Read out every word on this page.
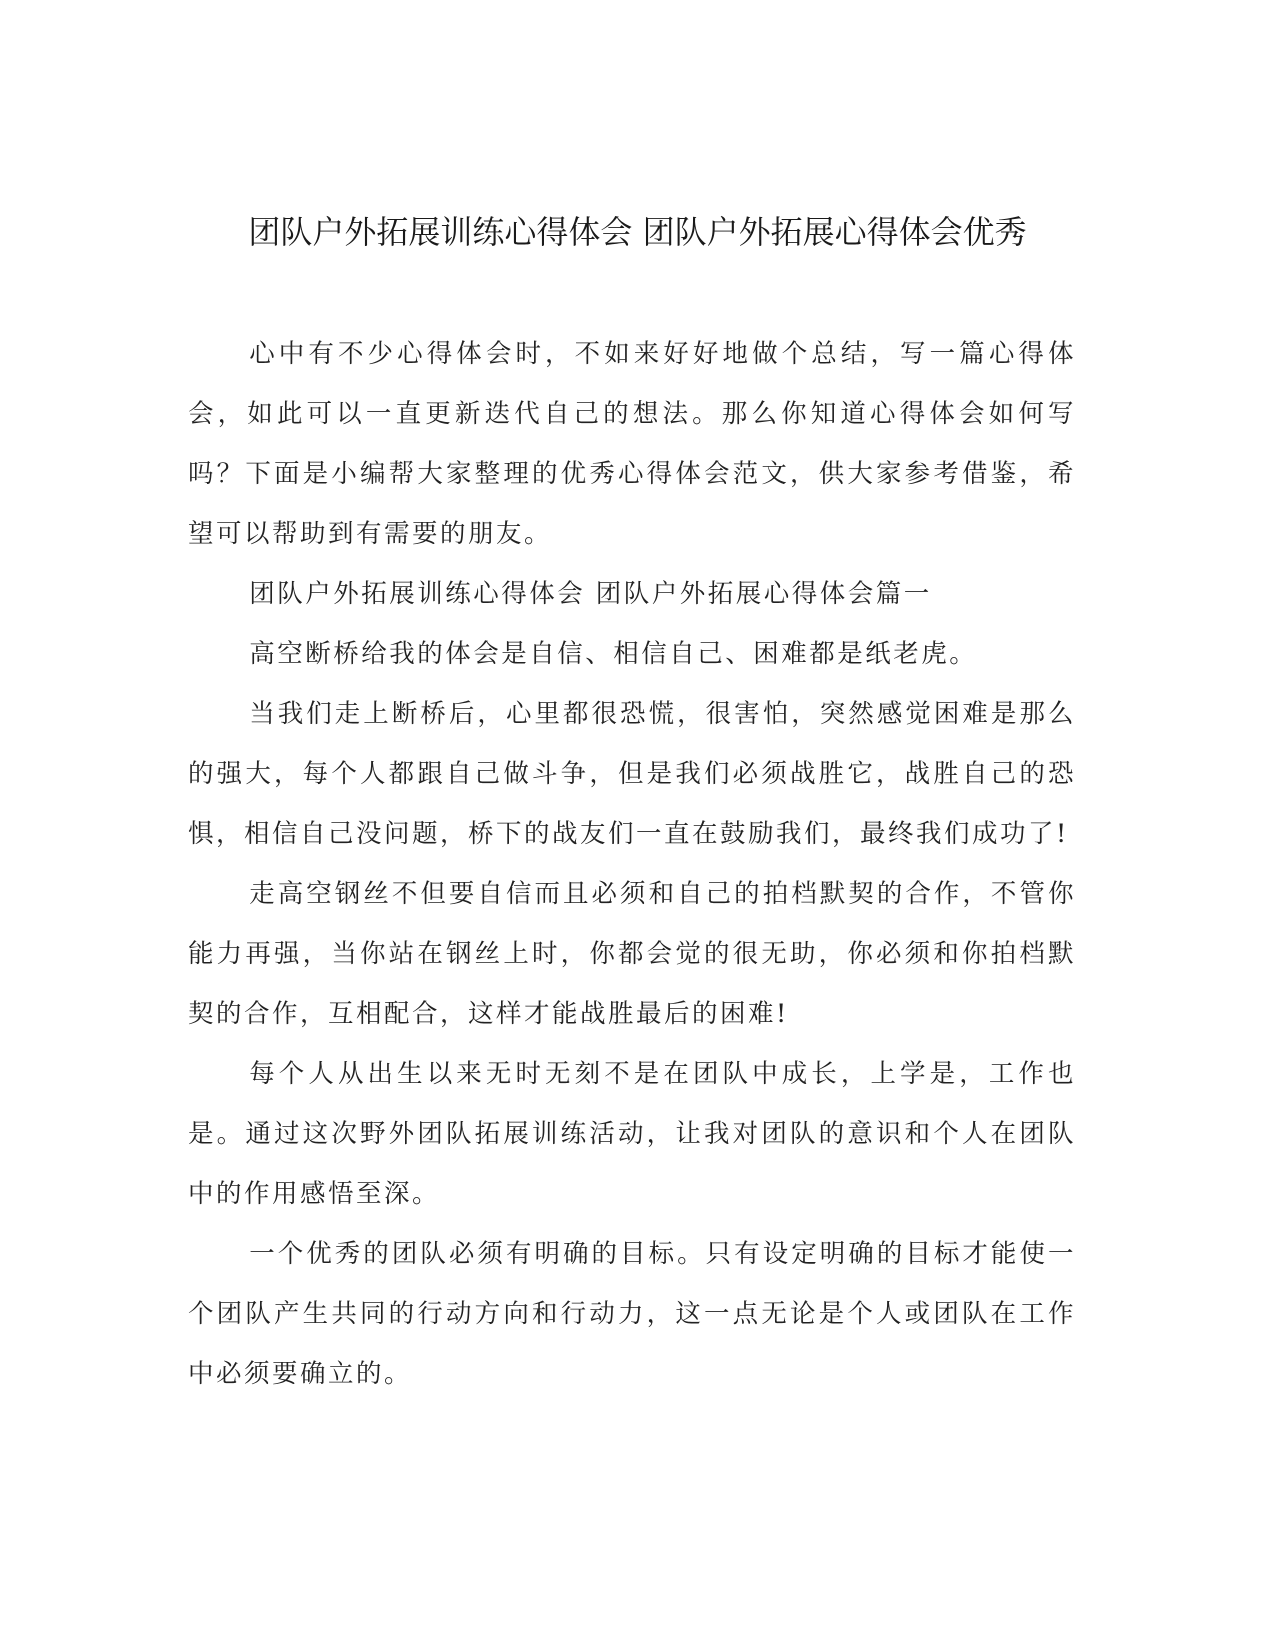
团队户外拓展训练心得体会 团队户外拓展心得体会优秀

心中有不少心得体会时，不如来好好地做个总结，写一篇心得体会，如此可以一直更新迭代自己的想法。那么你知道心得体会如何写吗？下面是小编帮大家整理的优秀心得体会范文，供大家参考借鉴，希望可以帮助到有需要的朋友。

团队户外拓展训练心得体会 团队户外拓展心得体会篇一

高空断桥给我的体会是自信、相信自己、困难都是纸老虎。

当我们走上断桥后，心里都很恐慌，很害怕，突然感觉困难是那么的强大，每个人都跟自己做斗争，但是我们必须战胜它，战胜自己的恐惧，相信自己没问题，桥下的战友们一直在鼓励我们，最终我们成功了!

走高空钢丝不但要自信而且必须和自己的拍档默契的合作，不管你能力再强，当你站在钢丝上时，你都会觉的很无助，你必须和你拍档默契的合作，互相配合，这样才能战胜最后的困难!

每个人从出生以来无时无刻不是在团队中成长，上学是，工作也是。通过这次野外团队拓展训练活动，让我对团队的意识和个人在团队中的作用感悟至深。

一个优秀的团队必须有明确的目标。只有设定明确的目标才能使一个团队产生共同的行动方向和行动力，这一点无论是个人或团队在工作中必须要确立的。
